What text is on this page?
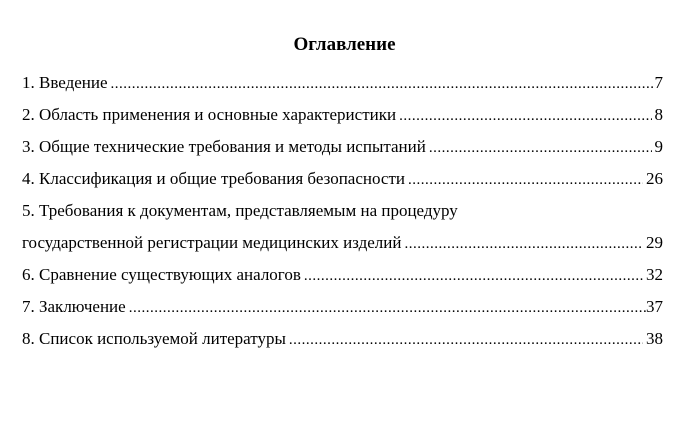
Оглавление
1. Введение .....	7
2. Область применения и основные характеристики .....	8
3. Общие технические требования и методы испытаний .....	9
4. Классификация и общие требования безопасности .....	26
5. Требования к документам, представляемым на процедуру
государственной регистрации медицинских изделий .....	29
6. Сравнение существующих аналогов .....	32
7. Заключение .....	37
8. Список используемой литературы .....	38
